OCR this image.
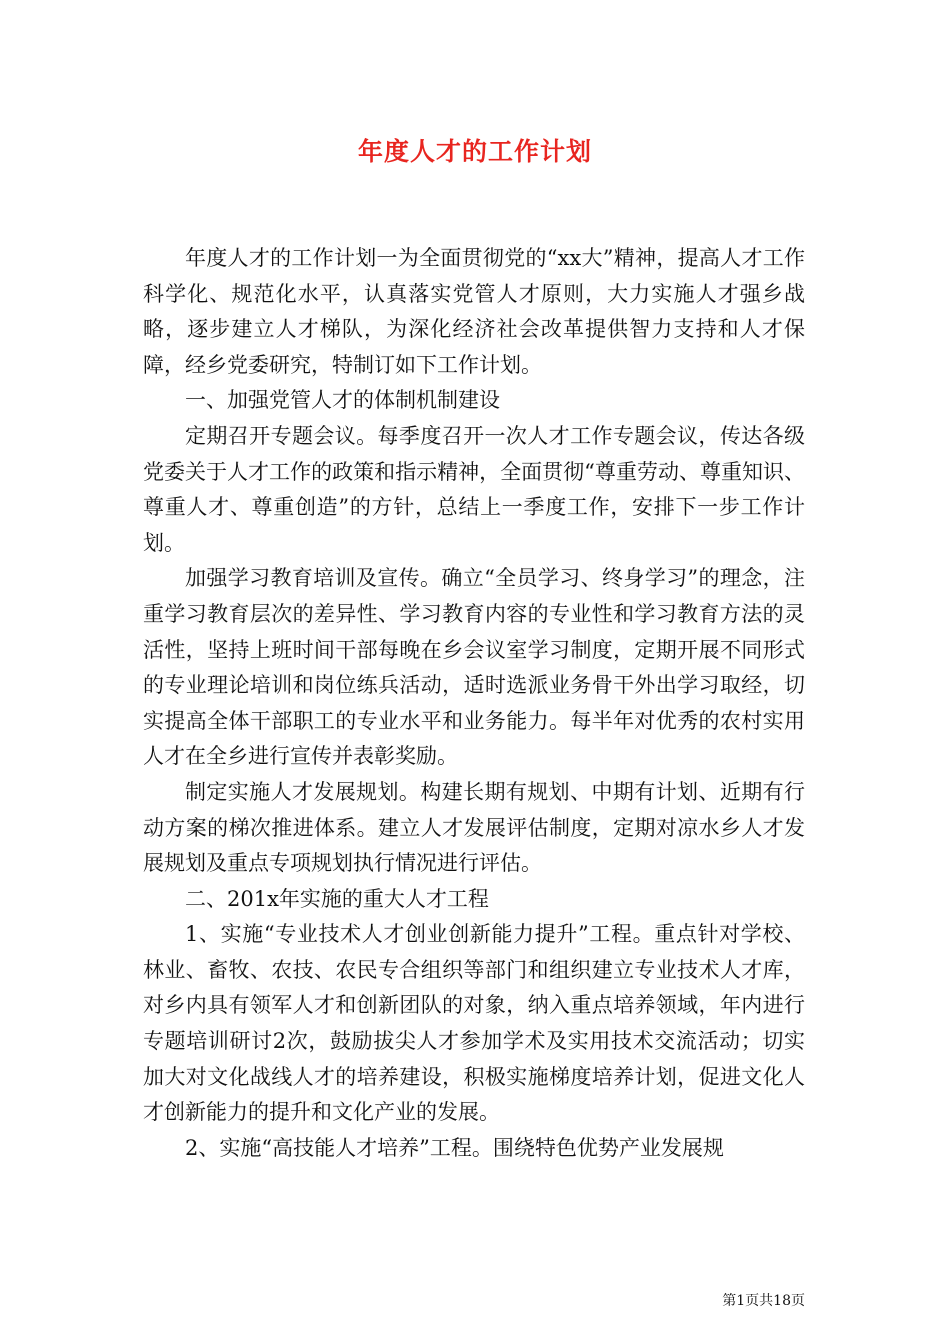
年度人才的工作计划

年度人才的工作计划一为全面贯彻党的“xx大”精神，提高人才工作科学化、规范化水平，认真落实党管人才原则，大力实施人才强乡战略，逐步建立人才梯队，为深化经济社会改革提供智力支持和人才保障，经乡党委研究，特制订如下工作计划。

一、加强党管人才的体制机制建设

定期召开专题会议。每季度召开一次人才工作专题会议，传达各级党委关于人才工作的政策和指示精神，全面贯彻“尊重劳动、尊重知识、尊重人才、尊重创造”的方针，总结上一季度工作，安排下一步工作计划。

加强学习教育培训及宣传。确立“全员学习、终身学习”的理念，注重学习教育层次的差异性、学习教育内容的专业性和学习教育方法的灵活性，坚持上班时间干部每晚在乡会议室学习制度，定期开展不同形式的专业理论培训和岗位练兵活动，适时选派业务骨干外出学习取经，切实提高全体干部职工的专业水平和业务能力。每半年对优秀的农村实用人才在全乡进行宣传并表彰奖励。

制定实施人才发展规划。构建长期有规划、中期有计划、近期有行动方案的梯次推进体系。建立人才发展评估制度，定期对凉水乡人才发展规划及重点专项规划执行情况进行评估。

二、201x年实施的重大人才工程

1、实施“专业技术人才创业创新能力提升”工程。重点针对学校、林业、畜牧、农技、农民专合组织等部门和组织建立专业技术人才库，对乡内具有领军人才和创新团队的对象，纳入重点培养领域，年内进行专题培训研讨2次，鼓励拔尖人才参加学术及实用技术交流活动；切实加大对文化战线人才的培养建设，积极实施梯度培养计划，促进文化人才创新能力的提升和文化产业的发展。

2、实施“高技能人才培养”工程。围绕特色优势产业发展规

第1页共18页
